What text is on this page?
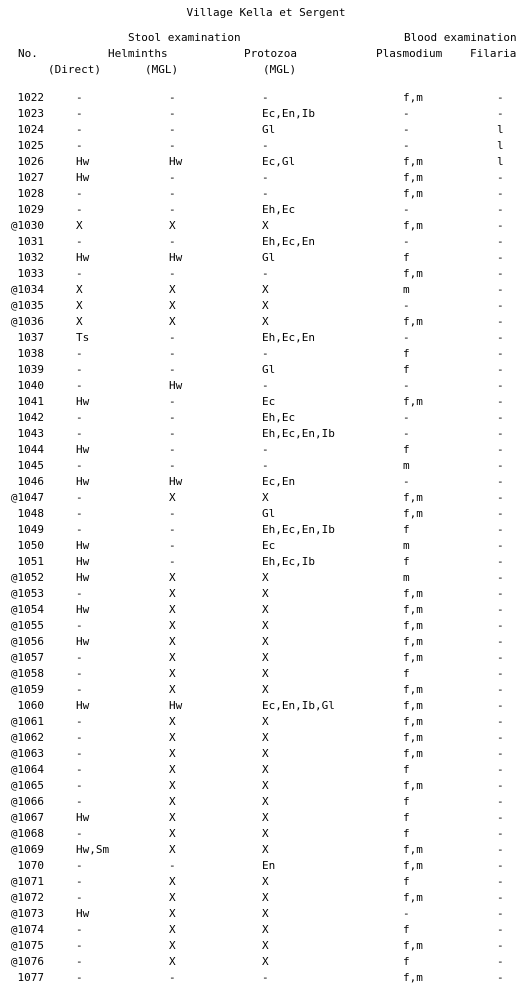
Village Kella et Sergent
Stool examination	Blood examination
No.	Helminths	Protozoa	Plasmodium	Filaria
(Direct)	(MGL)	(MGL)
1022	-	-	-	f,m	-
1023	-	-	Ec,En,Ib	-	-
1024	-	-	Gl	-	l
1025	-	-	-	-	l
1026	Hw	Hw	Ec,Gl	f,m	l
1027	Hw	-	-	f,m	-
1028	-	-	-	f,m	-
1029	-	-	Eh,Ec	-	-
@1030	X	X	X	f,m	-
1031	-	-	Eh,Ec,En	-	-
1032	Hw	Hw	Gl	f	-
1033	-	-	-	f,m	-
@1034	X	X	X	m	-
@1035	X	X	X	-	-
@1036	X	X	X	f,m	-
1037	Ts	-	Eh,Ec,En	-	-
1038	-	-	-	f	-
1039	-	-	Gl	f	-
1040	-	Hw	-	-	-
1041	Hw	-	Ec	f,m	-
1042	-	-	Eh,Ec	-	-
1043	-	-	Eh,Ec,En,Ib	-	-
1044	Hw	-	-	f	-
1045	-	-	-	m	-
1046	Hw	Hw	Ec,En	-	-
@1047	-	X	X	f,m	-
1048	-	-	Gl	f,m	-
1049	-	-	Eh,Ec,En,Ib	f	-
1050	Hw	-	Ec	m	-
1051	Hw	-	Eh,Ec,Ib	f	-
@1052	Hw	X	X	m	-
@1053	-	X	X	f,m	-
@1054	Hw	X	X	f,m	-
@1055	-	X	X	f,m	-
@1056	Hw	X	X	f,m	-
@1057	-	X	X	f,m	-
@1058	-	X	X	f	-
@1059	-	X	X	f,m	-
1060	Hw	Hw	Ec,En,Ib,Gl	f,m	-
@1061	-	X	X	f,m	-
@1062	-	X	X	f,m	-
@1063	-	X	X	f,m	-
@1064	-	X	X	f	-
@1065	-	X	X	f,m	-
@1066	-	X	X	f	-
@1067	Hw	X	X	f	-
@1068	-	X	X	f	-
@1069	Hw,Sm	X	X	f,m	-
1070	-	-	En	f,m	-
@1071	-	X	X	f	-
@1072	-	X	X	f,m	-
@1073	Hw	X	X	-	-
@1074	-	X	X	f	-
@1075	-	X	X	f,m	-
@1076	-	X	X	f	-
1077	-	-	-	f,m	-
